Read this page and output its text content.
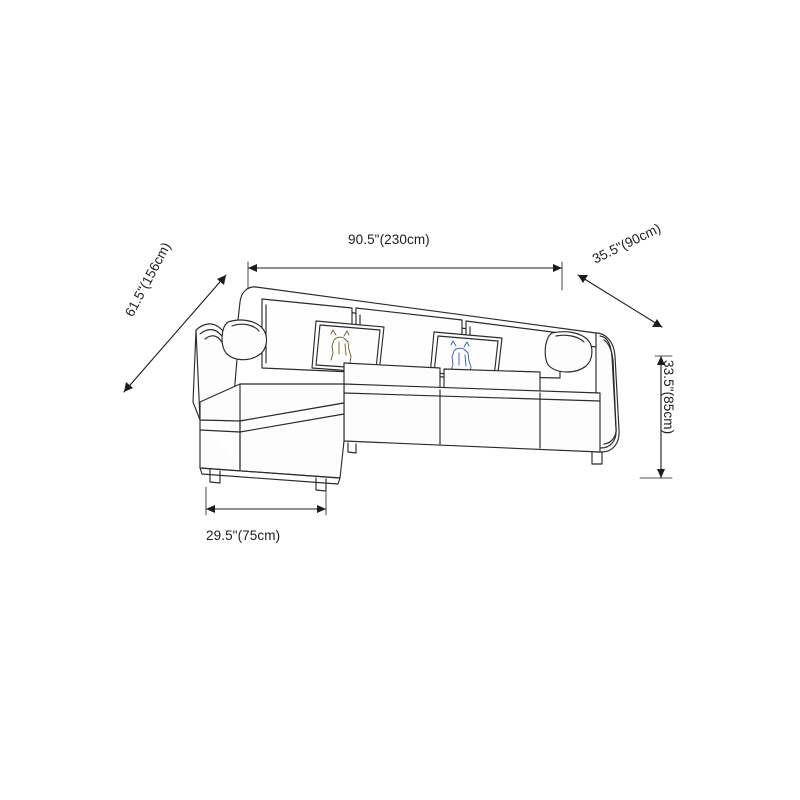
90.5"(230cm)	35.5"(90cm)
61.5"(156cm)
33.5"(85cm)
29.5"(75cm)
